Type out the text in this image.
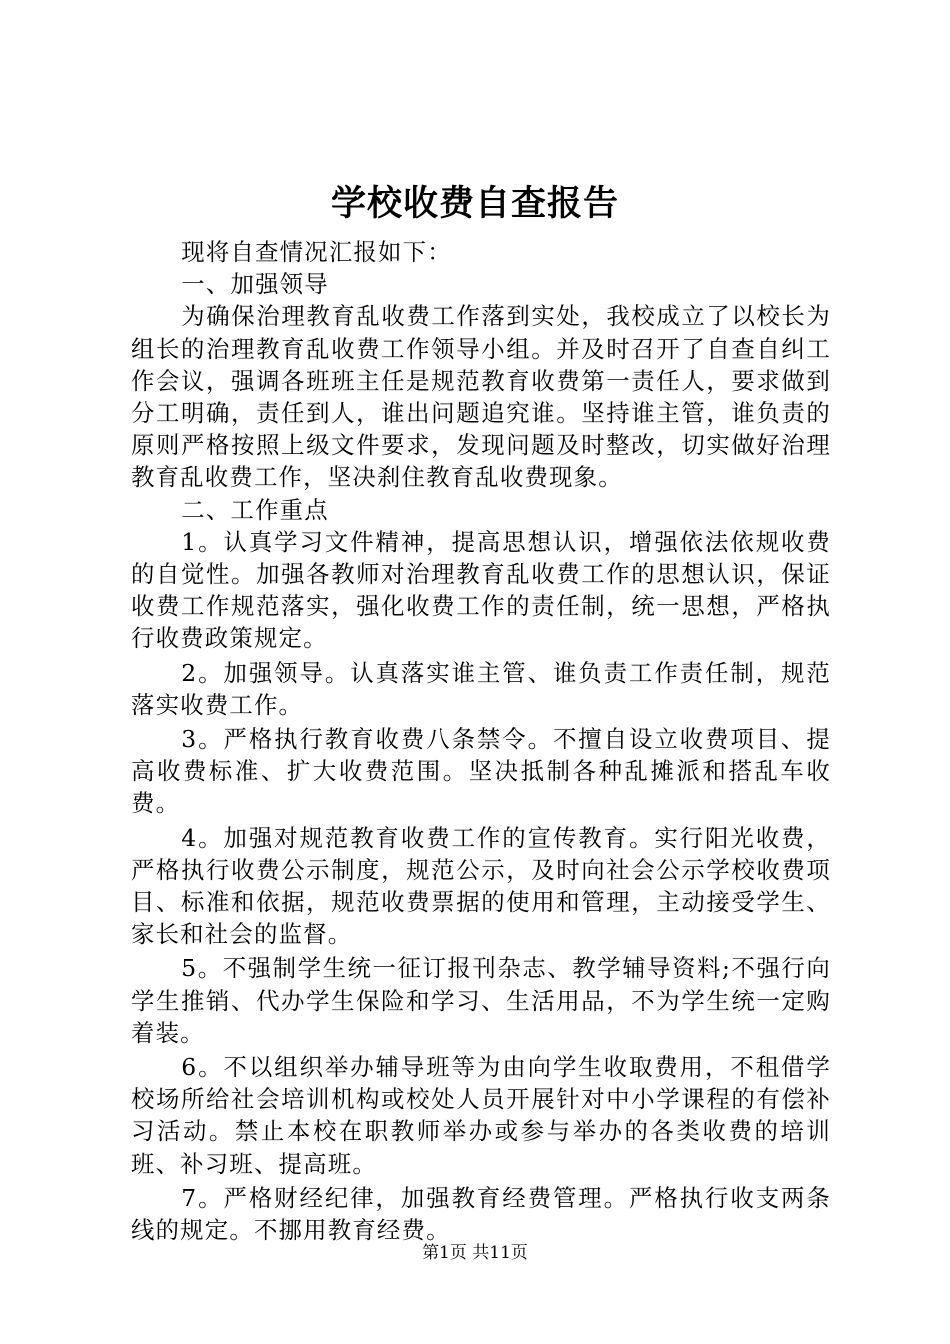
学校收费自查报告

现将自查情况汇报如下：

一、加强领导

为确保治理教育乱收费工作落到实处，我校成立了以校长为组长的治理教育乱收费工作领导小组。并及时召开了自查自纠工作会议，强调各班班主任是规范教育收费第一责任人，要求做到分工明确，责任到人，谁出问题追究谁。坚持谁主管，谁负责的原则严格按照上级文件要求，发现问题及时整改，切实做好治理教育乱收费工作，坚决刹住教育乱收费现象。

二、工作重点

1。认真学习文件精神，提高思想认识，增强依法依规收费的自觉性。加强各教师对治理教育乱收费工作的思想认识，保证收费工作规范落实，强化收费工作的责任制，统一思想，严格执行收费政策规定。

2。加强领导。认真落实谁主管、谁负责工作责任制，规范落实收费工作。

3。严格执行教育收费八条禁令。不擅自设立收费项目、提高收费标准、扩大收费范围。坚决抵制各种乱摊派和搭乱车收费。

4。加强对规范教育收费工作的宣传教育。实行阳光收费，严格执行收费公示制度，规范公示，及时向社会公示学校收费项目、标准和依据，规范收费票据的使用和管理，主动接受学生、家长和社会的监督。

5。不强制学生统一征订报刊杂志、教学辅导资料;不强行向学生推销、代办学生保险和学习、生活用品，不为学生统一定购着装。

6。不以组织举办辅导班等为由向学生收取费用，不租借学校场所给社会培训机构或校处人员开展针对中小学课程的有偿补习活动。禁止本校在职教师举办或参与举办的各类收费的培训班、补习班、提高班。

7。严格财经纪律，加强教育经费管理。严格执行收支两条线的规定。不挪用教育经费。

第1页 共11页
